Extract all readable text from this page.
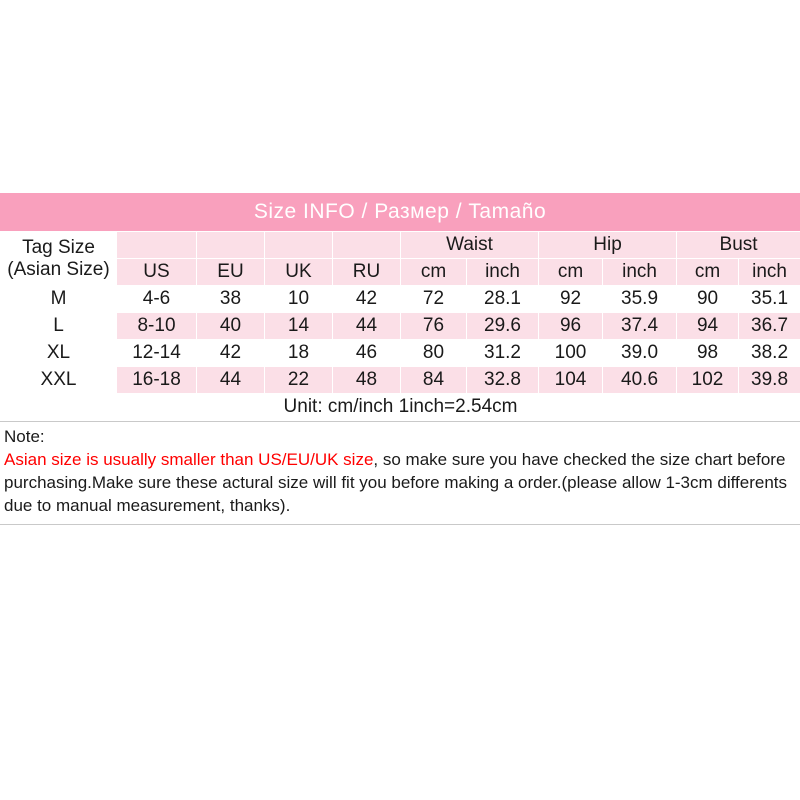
Size INFO / Размер / Tamaño
Tag Size (Asian Size)					Waist		Hip		Bust	
	US	EU	UK	RU	cm	inch	cm	inch	cm	inch
M	4-6	38	10	42	72	28.1	92	35.9	90	35.1
L	8-10	40	14	44	76	29.6	96	37.4	94	36.7
XL	12-14	42	18	46	80	31.2	100	39.0	98	38.2
XXL	16-18	44	22	48	84	32.8	104	40.6	102	39.8
Unit: cm/inch 1inch=2.54cm										
Note:
Asian size is usually smaller than US/EU/UK size, so make sure you have checked the size chart before purchasing.Make sure these actural size will fit you before making a order.(please allow 1-3cm differents due to manual measurement, thanks).
